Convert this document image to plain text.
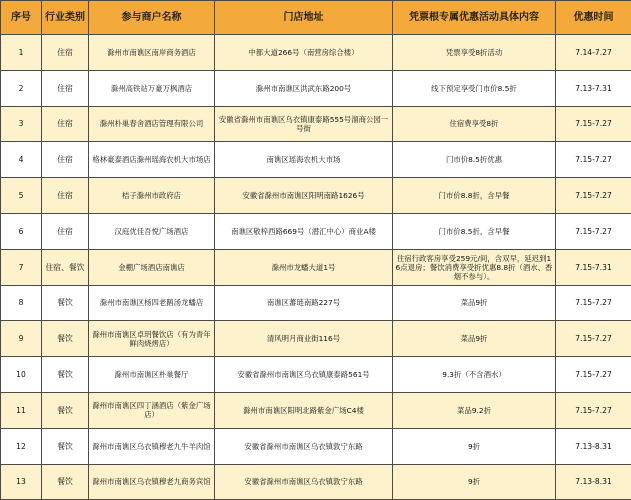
序号	行业类别	参与商户名称	门店地址	凭票根专属优惠活动具体内容	优惠时间
1	住宿	滁州市南谯区南岸商务酒店	中都大道266号（南营房综合楼）	凭票享受8折活动	7.14-7.27
2	住宿	滁州高铁站万豪万枫酒店	滁州市南谯区洪武东路200号	线下预定享受门市价8.5折	7.13-7.31
3	住宿	滁州朴巢春舍酒店管理有限公司	安徽省滁州市南谯区乌衣镇康泰路555号溜商公园一号街	住宿费享受8折	7.15-7.27
4	住宿	格林豪泰酒店滁州瑶海农机大市场店	南谯区瑶海农机大市场	门市价8.5折优惠	7.15-7.27
5	住宿	桔子滁州市政府店	安徽省滁州市南谯区阳明南路1626号	门市价8.8折，含早餐	7.15-7.27
6	住宿	汉庭优佳吾悦广场酒店	南谯区敬梓西路669号（潜汇中心）商业A楼	门市价8.5折，含早餐	7.15-7.27
7	住宿、餐饮	金棚广场酒店南谯店	滁州市龙蟠大道1号	住宿行政客房享受259元/间，含双早，延迟到16点退房；餐饮消费享受折优惠8.8折（酒水、香烟不参与）。	7.15-7.31
8	餐饮	滁州市南谯区杨四老鹅汤龙蟠店	南谯区蕃琏南路227号	菜品9折	7.15-7.27
9	餐饮	滁州市南谯区卓玥餐饮店（有为青年鲜肉烧烤店）	清风明月商业街116号	菜品9折	7.15-7.27
10	餐饮	滁州市南谯区朴巢餐厅	安徽省滁州市南谯区乌衣镇康泰路561号	9.3折（不含酒水）	7.15-7.27
11	餐饮	滁州市南谯区四丁涵酒店（紫金广场店）	滁州市南谯区阳明北路紫金广场C4楼	菜品9.2折	7.15-7.27
12	餐饮	滁州市南谯区乌衣镇穆老九牛羊肉馆	安徽省滁州市南谯区乌衣镇敦宁东路	9折	7.13-8.31
13	餐饮	滁州市南谯区乌衣镇穆老九商务宾馆	安徽省滁州市南谯区乌衣镇敦宁东路	9折	7.13-8.31
